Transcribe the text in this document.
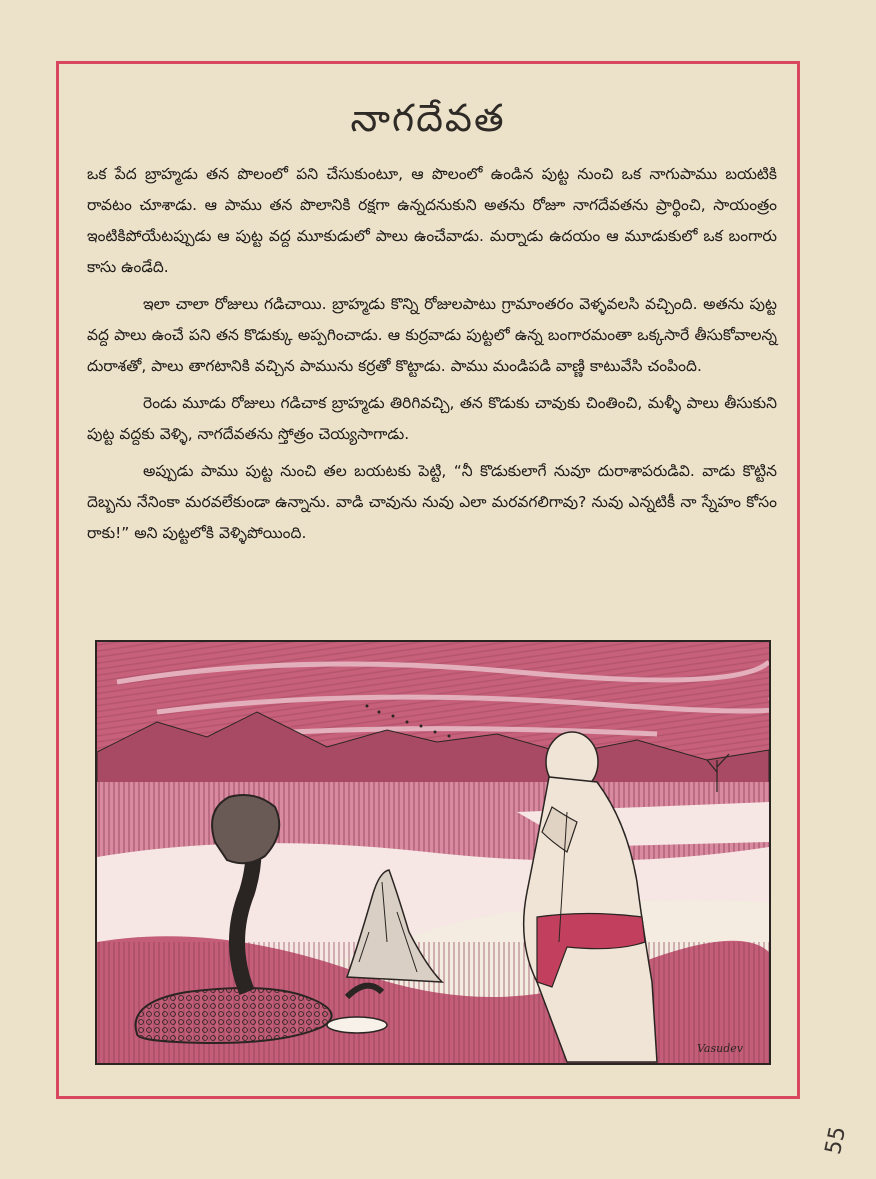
నాగదేవత

ఒక పేద బ్రాహ్మడు తన పొలంలో పని చేసుకుంటూ, ఆ పొలంలో ఉండిన పుట్ట నుంచి ఒక నాగుపాము బయటికి రావటం చూశాడు. ఆ పాము తన పొలానికి రక్షగా ఉన్నదనుకుని అతను రోజూ నాగదేవతను ప్రార్థించి, సాయంత్రం ఇంటికిపోయేటప్పుడు ఆ పుట్ట వద్ద మూకుడులో పాలు ఉంచేవాడు. మర్నాడు ఉదయం ఆ మూడుకులో ఒక బంగారు కాసు ఉండేది.

ఇలా చాలా రోజులు గడిచాయి. బ్రాహ్మడు కొన్ని రోజులపాటు గ్రామాంతరం వెళ్ళవలసి వచ్చింది. అతను పుట్ట వద్ద పాలు ఉంచే పని తన కొడుక్కు అప్పగించాడు. ఆ కుర్రవాడు పుట్టలో ఉన్న బంగారమంతా ఒక్కసారే తీసుకోవాలన్న దురాశతో, పాలు తాగటానికి వచ్చిన పామును కర్రతో కొట్టాడు. పాము మండిపడి వాణ్ణి కాటువేసి చంపింది.

రెండు మూడు రోజులు గడిచాక బ్రాహ్మడు తిరిగివచ్చి, తన కొడుకు చావుకు చింతించి, మళ్ళీ పాలు తీసుకుని పుట్ట వద్దకు వెళ్ళి, నాగదేవతను స్తోత్రం చెయ్యసాగాడు.

అప్పుడు పాము పుట్ట నుంచి తల బయటకు పెట్టి, “నీ కొడుకులాగే నువూ దురాశాపరుడివి. వాడు కొట్టిన దెబ్బను నేనింకా మరవలేకుండా ఉన్నాను. వాడి చావును నువు ఎలా మరవగలిగావు? నువు ఎన్నటికీ నా స్నేహం కోసం రాకు!” అని పుట్టలోకి వెళ్ళిపోయింది.

Vasudev
55
